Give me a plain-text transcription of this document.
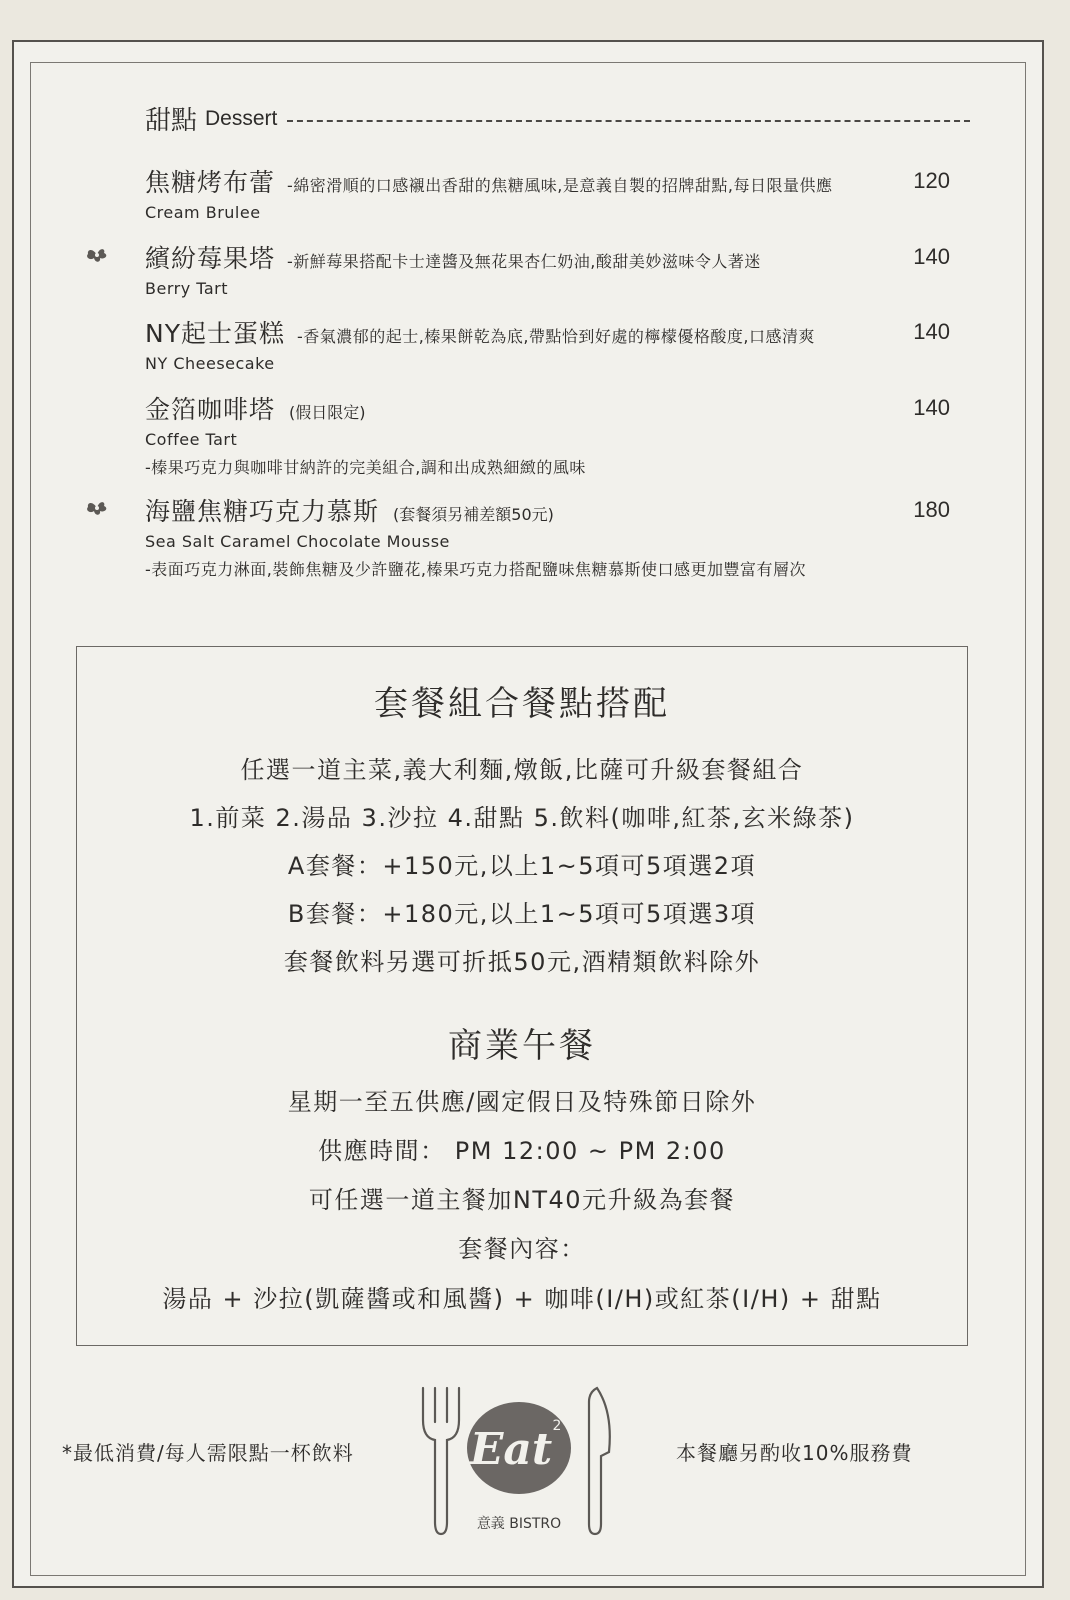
甜點 Dessert
焦糖烤布蕾 -綿密滑順的口感襯出香甜的焦糖風味,是意義自製的招牌甜點,每日限量供應
Cream Brulee
120
繽紛莓果塔 -新鮮莓果搭配卡士達醬及無花果杏仁奶油,酸甜美妙滋味令人著迷
Berry Tart
140
NY起士蛋糕 -香氣濃郁的起士,榛果餅乾為底,帶點恰到好處的檸檬優格酸度,口感清爽
NY Cheesecake
140
金箔咖啡塔 (假日限定)
Coffee Tart
-榛果巧克力與咖啡甘納許的完美組合,調和出成熟細緻的風味
140
海鹽焦糖巧克力慕斯 (套餐須另補差額50元)
Sea Salt Caramel Chocolate Mousse
-表面巧克力淋面,裝飾焦糖及少許鹽花,榛果巧克力搭配鹽味焦糖慕斯使口感更加豐富有層次
180
套餐組合餐點搭配
任選一道主菜,義大利麵,燉飯,比薩可升級套餐組合
1.前菜 2.湯品 3.沙拉 4.甜點 5.飲料(咖啡,紅茶,玄米綠茶)
A套餐：+150元,以上1~5項可5項選2項
B套餐：+180元,以上1~5項可5項選3項
套餐飲料另選可折抵50元,酒精類飲料除外
商業午餐
星期一至五供應/國定假日及特殊節日除外
供應時間： PM 12:00 ~ PM 2:00
可任選一道主餐加NT40元升級為套餐
套餐內容：
湯品 + 沙拉(凱薩醬或和風醬) + 咖啡(I/H)或紅茶(I/H) + 甜點
*最低消費/每人需限點一杯飲料	本餐廳另酌收10%服務費
Eat 2
意義 BISTRO
